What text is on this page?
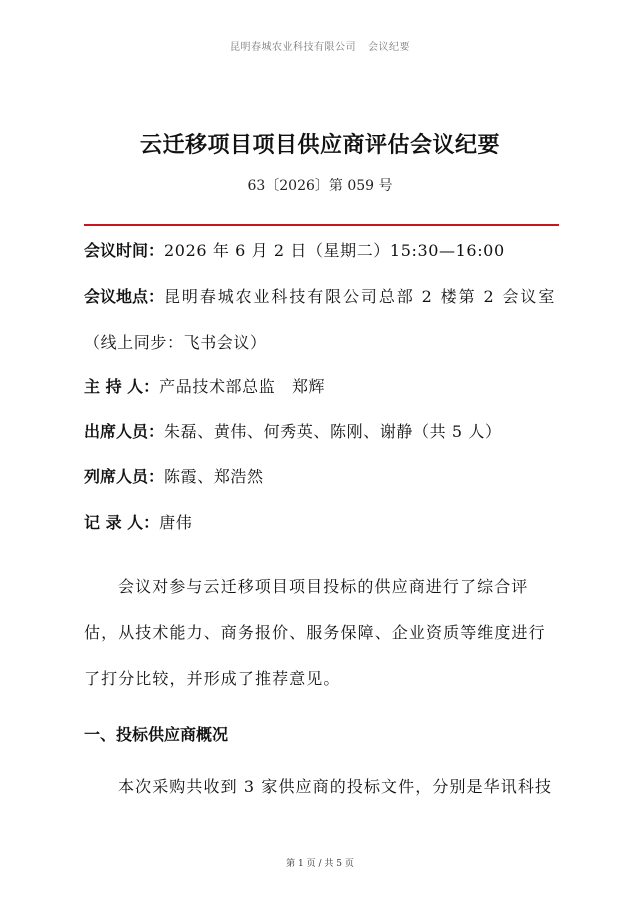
昆明春城农业科技有限公司 会议纪要
云迁移项目项目供应商评估会议纪要
63〔2026〕第 059 号
会议时间：2026 年 6 月 2 日（星期二）15:30—16:00
会议地点：昆明春城农业科技有限公司总部 2 楼第 2 会议室
（线上同步：飞书会议）
主 持 人：产品技术部总监　郑辉
出席人员：朱磊、黄伟、何秀英、陈刚、谢静（共 5 人）
列席人员：陈霞、郑浩然
记 录 人：唐伟
会议对参与云迁移项目项目投标的供应商进行了综合评
估，从技术能力、商务报价、服务保障、企业资质等维度进行
了打分比较，并形成了推荐意见。
一、投标供应商概况
本次采购共收到 3 家供应商的投标文件，分别是华讯科技
第 1 页 / 共 5 页
